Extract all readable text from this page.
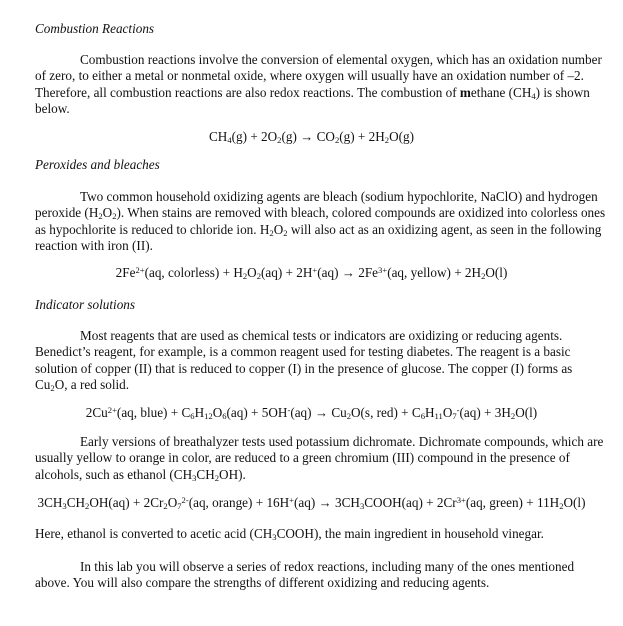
Combustion Reactions
Combustion reactions involve the conversion of elemental oxygen, which has an oxidation number of zero, to either a metal or nonmetal oxide, where oxygen will usually have an oxidation number of –2. Therefore, all combustion reactions are also redox reactions. The combustion of methane $(CH_4)$ is shown below.
$CH_4(g) + 2O_2(g) \to CO_2(g) + 2H_2O(g)$
Peroxides and bleaches
Two common household oxidizing agents are bleach (sodium hypochlorite, NaClO) and hydrogen peroxide $(H_2O_2)$. When stains are removed with bleach, colored compounds are oxidized into colorless ones as hypochlorite is reduced to chloride ion. $H_2O_2$ will also act as an oxidizing agent, as seen in the following reaction with iron (II).
$2Fe^{2+}(aq$, colorless) + $H_2O_2(aq) + 2H^+(aq) \to 2Fe^{3+}(aq$, yellow) + $2H_2O(l)$
Indicator solutions
Most reagents that are used as chemical tests or indicators are oxidizing or reducing agents. Benedict’s reagent, for example, is a common reagent used for testing diabetes. The reagent is a basic solution of copper (II) that is reduced to copper (I) in the presence of glucose. The copper (I) forms as $Cu_2O$, a red solid.
$2Cu^{2+}(aq$, blue) + $C_6H_{12}O_6(aq) + 5OH^-(aq) \to Cu_2O(s$, $red) + C_6H_{11}O_7^-(aq) + 3H_2O(l)$
Early versions of breathalyzer tests used potassium dichromate. Dichromate compounds, which are usually yellow to orange in color, are reduced to a green chromium (III) compound in the presence of alcohols, such as ethanol $(CH_3CH_2OH)$.
$3CH_3CH_2OH(aq) + 2Cr_2O_7^{2-}(aq$, orange) + $16H^+(aq) \to 3CH_3COOH(aq) + 2Cr^{3+}(aq$, green) + $11H_2O(l)$
Here, ethanol is converted to acetic acid $(CH_3COOH)$, the main ingredient in household vinegar.
In this lab you will observe a series of redox reactions, including many of the ones mentioned above. You will also compare the strengths of different oxidizing and reducing agents.
